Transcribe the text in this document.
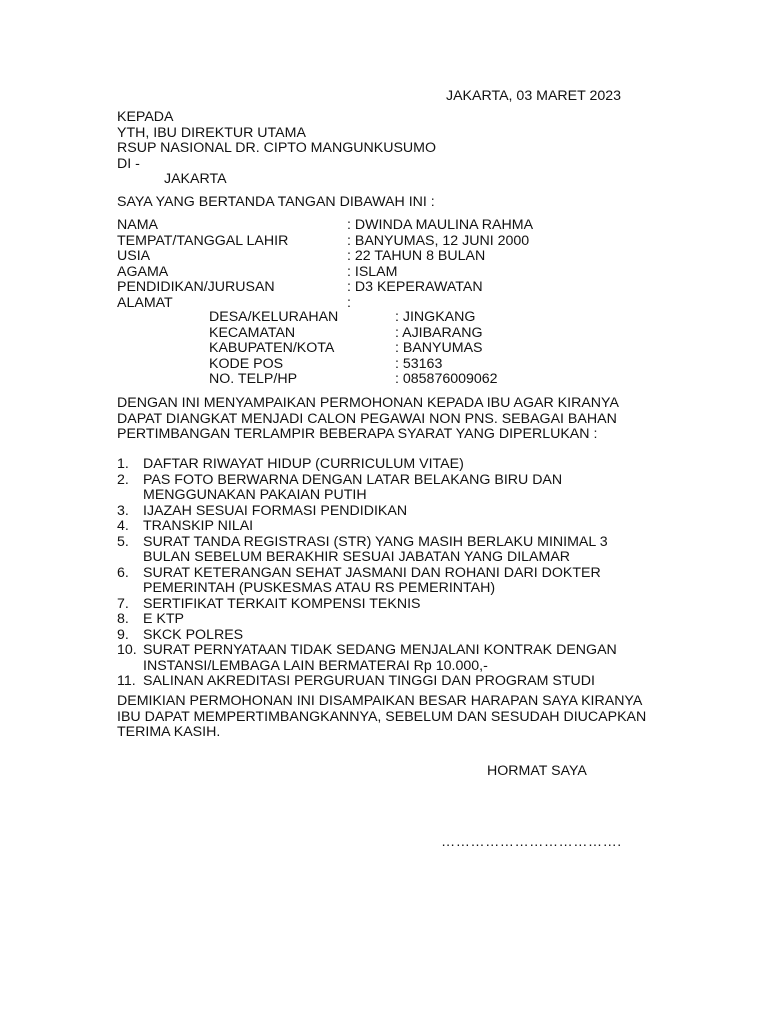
JAKARTA, 03 MARET 2023
KEPADA
YTH, IBU DIREKTUR UTAMA
RSUP NASIONAL DR. CIPTO MANGUNKUSUMO
DI -
JAKARTA
SAYA YANG BERTANDA TANGAN DIBAWAH INI :
NAMA	: DWINDA MAULINA RAHMA
TEMPAT/TANGGAL LAHIR	: BANYUMAS, 12 JUNI 2000
USIA	: 22 TAHUN 8 BULAN
AGAMA	: ISLAM
PENDIDIKAN/JURUSAN	: D3 KEPERAWATAN
ALAMAT	:
DESA/KELURAHAN	: JINGKANG
KECAMATAN	: AJIBARANG
KABUPATEN/KOTA	: BANYUMAS
KODE POS	: 53163
NO. TELP/HP	: 085876009062
DENGAN INI MENYAMPAIKAN PERMOHONAN KEPADA IBU AGAR KIRANYA
DAPAT DIANGKAT MENJADI CALON PEGAWAI NON PNS. SEBAGAI BAHAN
PERTIMBANGAN TERLAMPIR BEBERAPA SYARAT YANG DIPERLUKAN :
1. DAFTAR RIWAYAT HIDUP (CURRICULUM VITAE)
2. PAS FOTO BERWARNA DENGAN LATAR BELAKANG BIRU DAN
MENGGUNAKAN PAKAIAN PUTIH
3. IJAZAH SESUAI FORMASI PENDIDIKAN
4. TRANSKIP NILAI
5. SURAT TANDA REGISTRASI (STR) YANG MASIH BERLAKU MINIMAL 3
BULAN SEBELUM BERAKHIR SESUAI JABATAN YANG DILAMAR
6. SURAT KETERANGAN SEHAT JASMANI DAN ROHANI DARI DOKTER
PEMERINTAH (PUSKESMAS ATAU RS PEMERINTAH)
7. SERTIFIKAT TERKAIT KOMPENSI TEKNIS
8. E KTP
9. SKCK POLRES
10. SURAT PERNYATAAN TIDAK SEDANG MENJALANI KONTRAK DENGAN
INSTANSI/LEMBAGA LAIN BERMATERAI Rp 10.000,-
11. SALINAN AKREDITASI PERGURUAN TINGGI DAN PROGRAM STUDI
DEMIKIAN PERMOHONAN INI DISAMPAIKAN BESAR HARAPAN SAYA KIRANYA
IBU DAPAT MEMPERTIMBANGKANNYA, SEBELUM DAN SESUDAH DIUCAPKAN
TERIMA KASIH.
HORMAT SAYA
……………………………….
